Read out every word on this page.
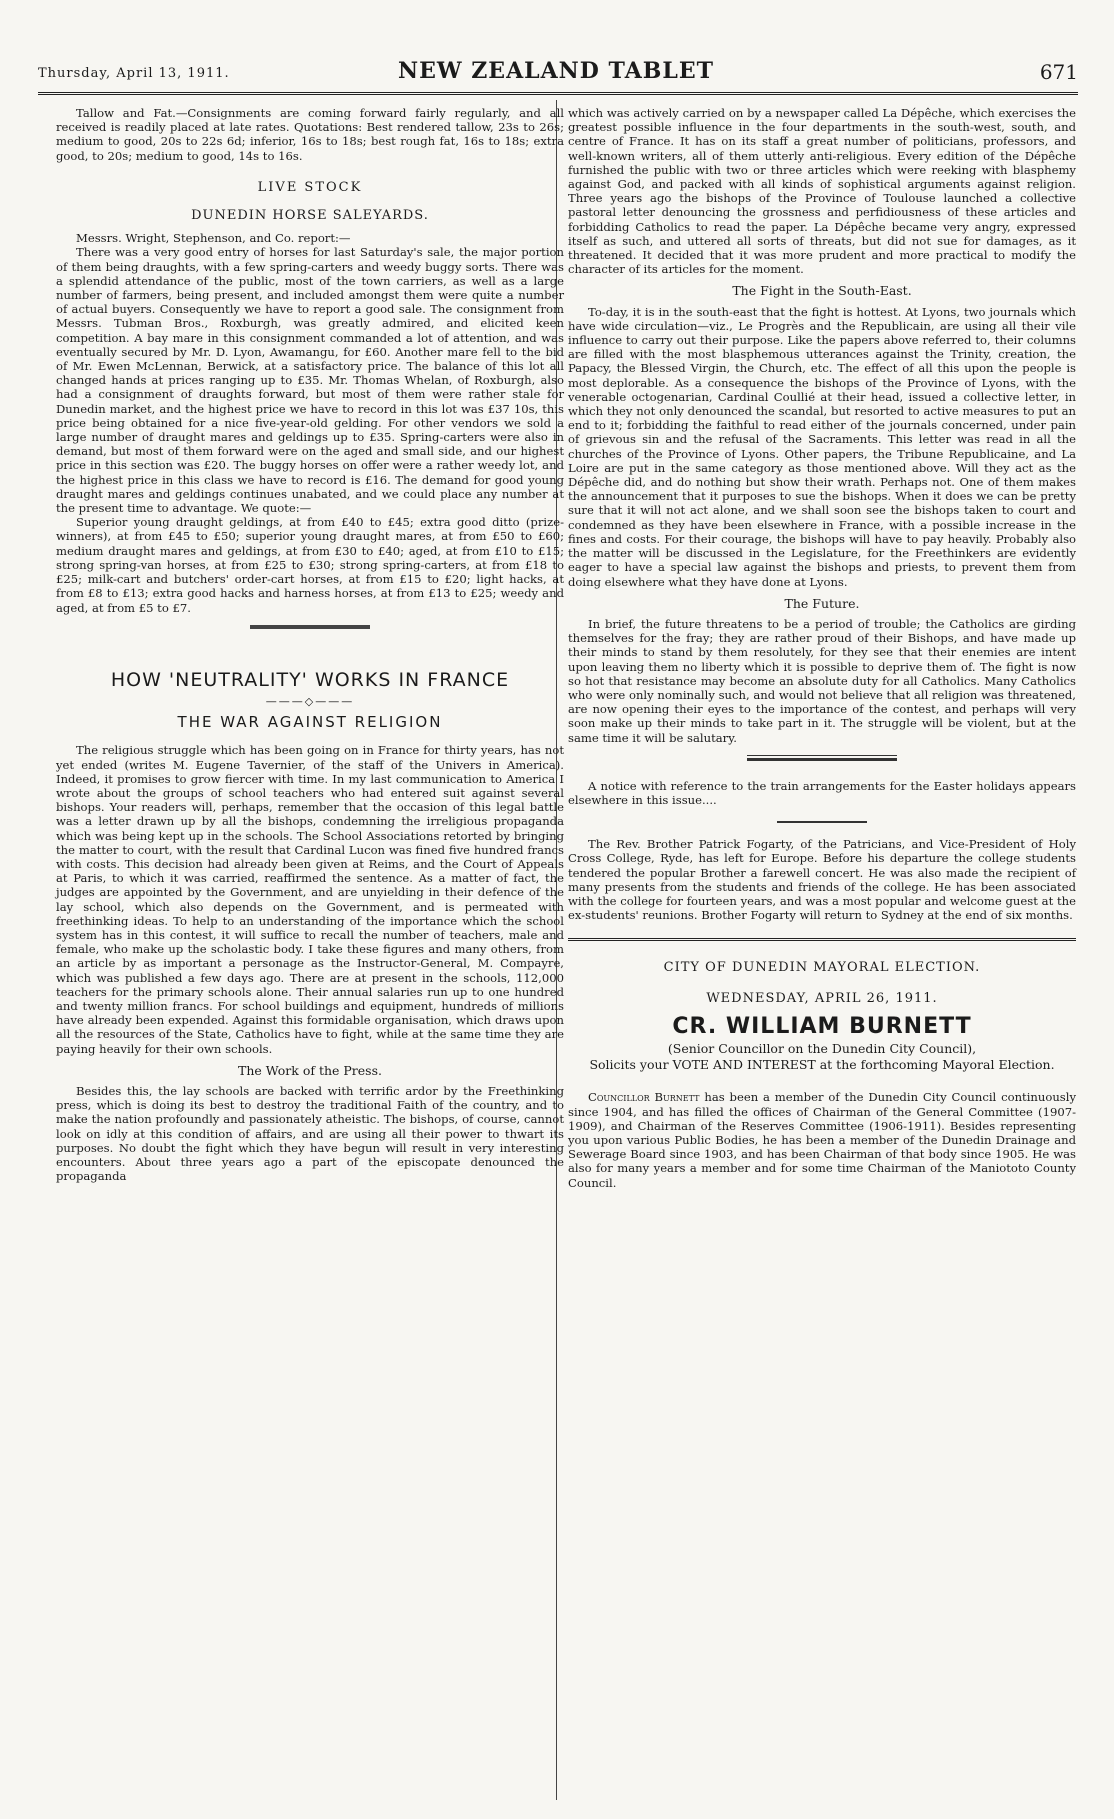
Thursday, April 13, 1911.	NEW ZEALAND TABLET	671

Tallow and Fat.—Consignments are coming forward fairly regularly, and all received is readily placed at late rates. Quotations: Best rendered tallow, 23s to 26s; medium to good, 20s to 22s 6d; inferior, 16s to 18s; best rough fat, 16s to 18s; extra good, to 20s; medium to good, 14s to 16s.

LIVE STOCK
DUNEDIN HORSE SALEYARDS.

Messrs. Wright, Stephenson, and Co. report:—

There was a very good entry of horses for last Saturday's sale, the major portion of them being draughts, with a few spring-carters and weedy buggy sorts. There was a splendid attendance of the public, most of the town carriers, as well as a large number of farmers, being present, and included amongst them were quite a number of actual buyers. Consequently we have to report a good sale. The consignment from Messrs. Tubman Bros., Roxburgh, was greatly admired, and elicited keen competition. A bay mare in this consignment commanded a lot of attention, and was eventually secured by Mr. D. Lyon, Awamangu, for £60. Another mare fell to the bid of Mr. Ewen McLennan, Berwick, at a satisfactory price. The balance of this lot all changed hands at prices ranging up to £35. Mr. Thomas Whelan, of Roxburgh, also had a consignment of draughts forward, but most of them were rather stale for Dunedin market, and the highest price we have to record in this lot was £37 10s, this price being obtained for a nice five-year-old gelding. For other vendors we sold a large number of draught mares and geldings up to £35. Spring-carters were also in demand, but most of them forward were on the aged and small side, and our highest price in this section was £20. The buggy horses on offer were a rather weedy lot, and the highest price in this class we have to record is £16. The demand for good young draught mares and geldings continues unabated, and we could place any number at the present time to advantage. We quote:—

Superior young draught geldings, at from £40 to £45; extra good ditto (prize-winners), at from £45 to £50; superior young draught mares, at from £50 to £60; medium draught mares and geldings, at from £30 to £40; aged, at from £10 to £15; strong spring-van horses, at from £25 to £30; strong spring-carters, at from £18 to £25; milk-cart and butchers' order-cart horses, at from £15 to £20; light hacks, at from £8 to £13; extra good hacks and harness horses, at from £13 to £25; weedy and aged, at from £5 to £7.

HOW 'NEUTRALITY' WORKS IN FRANCE
———◇———
THE WAR AGAINST RELIGION

The religious struggle which has been going on in France for thirty years, has not yet ended (writes M. Eugene Tavernier, of the staff of the Univers in America). Indeed, it promises to grow fiercer with time. In my last communication to America I wrote about the groups of school teachers who had entered suit against several bishops. Your readers will, perhaps, remember that the occasion of this legal battle was a letter drawn up by all the bishops, condemning the irreligious propaganda which was being kept up in the schools. The School Associations retorted by bringing the matter to court, with the result that Cardinal Lucon was fined five hundred francs with costs. This decision had already been given at Reims, and the Court of Appeals at Paris, to which it was carried, reaffirmed the sentence. As a matter of fact, the judges are appointed by the Government, and are unyielding in their defence of the lay school, which also depends on the Government, and is permeated with freethinking ideas. To help to an understanding of the importance which the school system has in this contest, it will suffice to recall the number of teachers, male and female, who make up the scholastic body. I take these figures and many others, from an article by as important a personage as the Instructor-General, M. Compayre, which was published a few days ago. There are at present in the schools, 112,000 teachers for the primary schools alone. Their annual salaries run up to one hundred and twenty million francs. For school buildings and equipment, hundreds of millions have already been expended. Against this formidable organisation, which draws upon all the resources of the State, Catholics have to fight, while at the same time they are paying heavily for their own schools.

The Work of the Press.

Besides this, the lay schools are backed with terrific ardor by the Freethinking press, which is doing its best to destroy the traditional Faith of the country, and to make the nation profoundly and passionately atheistic. The bishops, of course, cannot look on idly at this condition of affairs, and are using all their power to thwart its purposes. No doubt the fight which they have begun will result in very interesting encounters. About three years ago a part of the episcopate denounced the propaganda

which was actively carried on by a newspaper called La Dépêche, which exercises the greatest possible influence in the four departments in the south-west, south, and centre of France. It has on its staff a great number of politicians, professors, and well-known writers, all of them utterly anti-religious. Every edition of the Dépêche furnished the public with two or three articles which were reeking with blasphemy against God, and packed with all kinds of sophistical arguments against religion. Three years ago the bishops of the Province of Toulouse launched a collective pastoral letter denouncing the grossness and perfidiousness of these articles and forbidding Catholics to read the paper. La Dépêche became very angry, expressed itself as such, and uttered all sorts of threats, but did not sue for damages, as it threatened. It decided that it was more prudent and more practical to modify the character of its articles for the moment.

The Fight in the South-East.

To-day, it is in the south-east that the fight is hottest. At Lyons, two journals which have wide circulation—viz., Le Progrès and the Republicain, are using all their vile influence to carry out their purpose. Like the papers above referred to, their columns are filled with the most blasphemous utterances against the Trinity, creation, the Papacy, the Blessed Virgin, the Church, etc. The effect of all this upon the people is most deplorable. As a consequence the bishops of the Province of Lyons, with the venerable octogenarian, Cardinal Coullié at their head, issued a collective letter, in which they not only denounced the scandal, but resorted to active measures to put an end to it; forbidding the faithful to read either of the journals concerned, under pain of grievous sin and the refusal of the Sacraments. This letter was read in all the churches of the Province of Lyons. Other papers, the Tribune Republicaine, and La Loire are put in the same category as those mentioned above. Will they act as the Dépêche did, and do nothing but show their wrath. Perhaps not. One of them makes the announcement that it purposes to sue the bishops. When it does we can be pretty sure that it will not act alone, and we shall soon see the bishops taken to court and condemned as they have been elsewhere in France, with a possible increase in the fines and costs. For their courage, the bishops will have to pay heavily. Probably also the matter will be discussed in the Legislature, for the Freethinkers are evidently eager to have a special law against the bishops and priests, to prevent them from doing elsewhere what they have done at Lyons.

The Future.

In brief, the future threatens to be a period of trouble; the Catholics are girding themselves for the fray; they are rather proud of their Bishops, and have made up their minds to stand by them resolutely, for they see that their enemies are intent upon leaving them no liberty which it is possible to deprive them of. The fight is now so hot that resistance may become an absolute duty for all Catholics. Many Catholics who were only nominally such, and would not believe that all religion was threatened, are now opening their eyes to the importance of the contest, and perhaps will very soon make up their minds to take part in it. The struggle will be violent, but at the same time it will be salutary.

A notice with reference to the train arrangements for the Easter holidays appears elsewhere in this issue....

The Rev. Brother Patrick Fogarty, of the Patricians, and Vice-President of Holy Cross College, Ryde, has left for Europe. Before his departure the college students tendered the popular Brother a farewell concert. He was also made the recipient of many presents from the students and friends of the college. He has been associated with the college for fourteen years, and was a most popular and welcome guest at the ex-students' reunions. Brother Fogarty will return to Sydney at the end of six months.

CITY OF DUNEDIN MAYORAL ELECTION.
WEDNESDAY, APRIL 26, 1911.
CR. WILLIAM BURNETT
(Senior Councillor on the Dunedin City Council),
Solicits your VOTE AND INTEREST at the forthcoming Mayoral Election.

Councillor Burnett has been a member of the Dunedin City Council continuously since 1904, and has filled the offices of Chairman of the General Committee (1907-1909), and Chairman of the Reserves Committee (1906-1911). Besides representing you upon various Public Bodies, he has been a member of the Dunedin Drainage and Sewerage Board since 1903, and has been Chairman of that body since 1905. He was also for many years a member and for some time Chairman of the Maniototo County Council.
